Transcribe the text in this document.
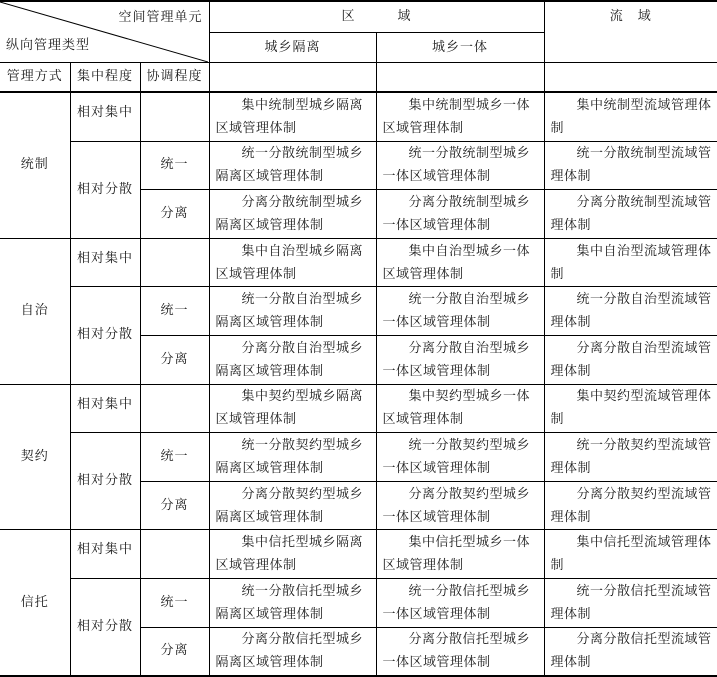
空间管理单元
纵向管理类型			区　　　域		流　域
			城乡隔离	城乡一体	
管理方式	集中程度	协调程度			
统制	相对集中		集中统制型城乡隔离区域管理体制	集中统制型城乡一体区域管理体制	集中统制型流域管理体制

	相对分散	统一	统一分散统制型城乡隔离区域管理体制	统一分散统制型城乡一体区域管理体制	统一分散统制型流域管理体制

		分离	分离分散统制型城乡隔离区域管理体制	分离分散统制型城乡一体区域管理体制	分离分散统制型流域管理体制

自治	相对集中		集中自治型城乡隔离区域管理体制	集中自治型城乡一体区域管理体制	集中自治型流域管理体制

	相对分散	统一	统一分散自治型城乡隔离区域管理体制	统一分散自治型城乡一体区域管理体制	统一分散自治型流域管理体制

		分离	分离分散自治型城乡隔离区域管理体制	分离分散自治型城乡一体区域管理体制	分离分散自治型流域管理体制

契约	相对集中		集中契约型城乡隔离区域管理体制	集中契约型城乡一体区域管理体制	集中契约型流域管理体制

	相对分散	统一	统一分散契约型城乡隔离区域管理体制	统一分散契约型城乡一体区域管理体制	统一分散契约型流域管理体制

		分离	分离分散契约型城乡隔离区域管理体制	分离分散契约型城乡一体区域管理体制	分离分散契约型流域管理体制

信托	相对集中		集中信托型城乡隔离区域管理体制	集中信托型城乡一体区域管理体制	集中信托型流域管理体制

	相对分散	统一	统一分散信托型城乡隔离区域管理体制	统一分散信托型城乡一体区域管理体制	统一分散信托型流域管理体制

		分离	分离分散信托型城乡隔离区域管理体制	分离分散信托型城乡一体区域管理体制	分离分散信托型流域管理体制
